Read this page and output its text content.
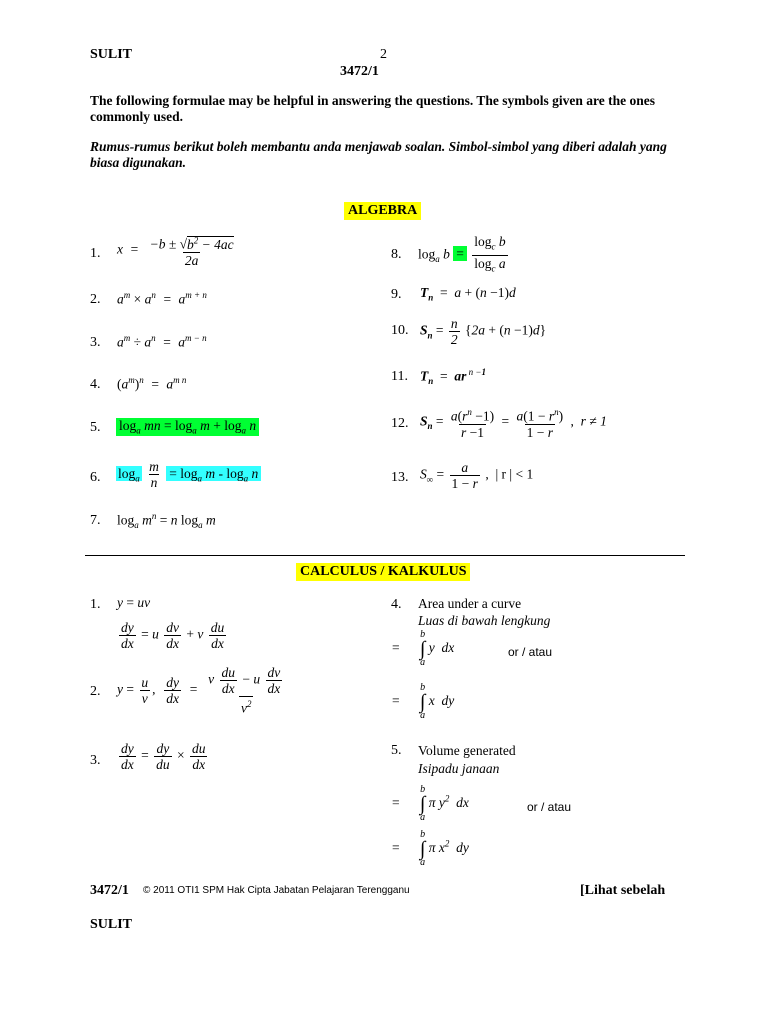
SULIT	2
3472/1
The following formulae may be helpful in answering the questions. The symbols given are the ones commonly used.
Rumus-rumus berikut boleh membantu anda menjawab soalan. Simbol-simbol yang diberi adalah yang biasa digunakan.
ALGEBRA
1. $x = \frac{-b \pm √b^2 - 4ac}{2a}$
2. $a^m \times a^n = a^{m + n}$
3. $a^m \div a^n = a^{m - n}$
4. $(a^m)^n = a^{m n}$
5. $\log_a$ mn = $\log_a m + \log_a n$
6. $\log_a \frac{m}{n} = \log_a m - \log_a n$
7. $\log_a m^n = n$ $\log_a m$
8. $\log_a b = \frac{\log_c b}{\log_c a}$
9. $T_n = a + (n -1)d$
10. $S_n = \frac{n}{2} \{2a + (n -1)d\}$
11. $T_n$ = ar $^{n -1}$
12. $S_n = \frac{a(r^n -1)}{r -1} = \frac{a(1 - r^n)}{1 - r}$ ,  r ≠ 1
13. $S_\infty = \frac{a}{1 - r}$ ,  | r | < 1
CALCULUS / KALKULUS
1. y = uv
$\frac{dy}{dx} = u \frac{dv}{dx} + v \frac{du}{dx}$
2. $y = \frac{u}{v}$ , $\frac{dy}{dx} = \frac{v \frac{du}{dx} - u \frac{dv}{dx}}{v^2}$
3. $\frac{dy}{dx} = \frac{dy}{du} \times \frac{du}{dx}$
4. Area under a curve
Luas di bawah lengkung
=
b
∫
a
y  dx	or / atau
=
b
∫
a
x  dy
5. Volume generated
Isipadu janaan
=
b
∫
a
π $y^2$  dx	or / atau
=
b
∫
a
π $x^2$  dy
3472/1 © 2011 OTI1 SPM Hak Cipta Jabatan Pelajaran Terengganu	[Lihat sebelah
SULIT
